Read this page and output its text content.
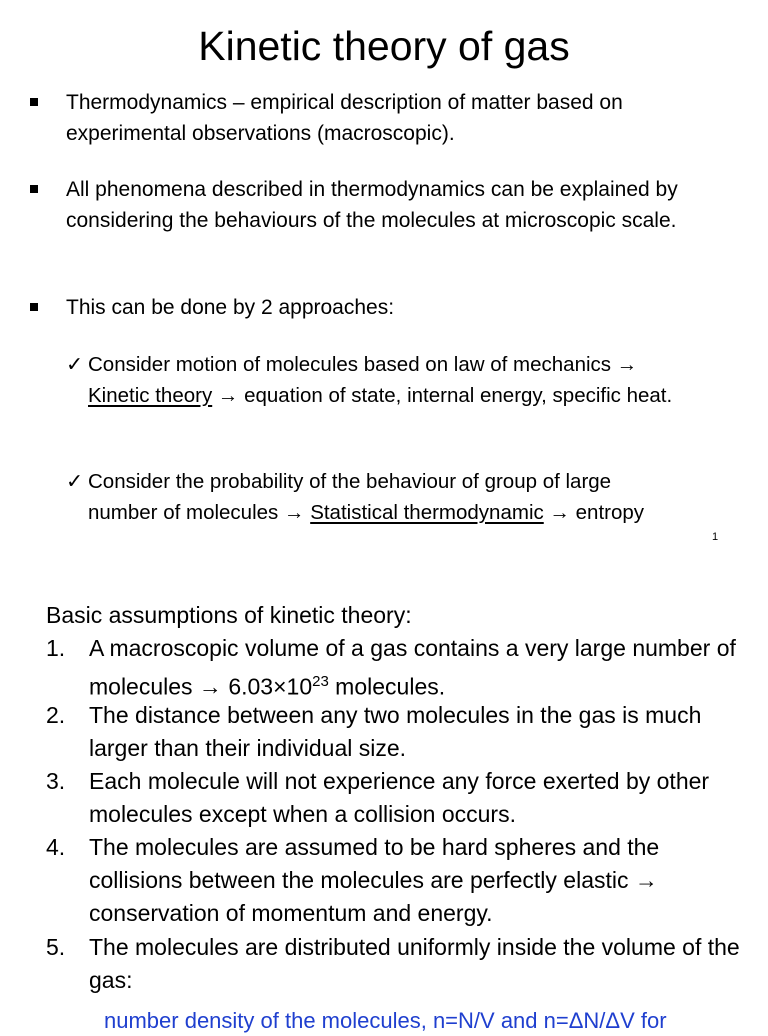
Kinetic theory of gas
Thermodynamics – empirical description of matter based on experimental observations (macroscopic).
All phenomena described in thermodynamics can be explained by considering the behaviours of the molecules at microscopic scale.
This can be done by 2 approaches:
✓ Consider motion of molecules based on law of mechanics →
Kinetic theory → equation of state, internal energy, specific heat.
✓ Consider the probability of the behaviour of group of large
number of molecules → Statistical thermodynamic → entropy
1
Basic assumptions of kinetic theory:
1.	A macroscopic volume of a gas contains a very large number of molecules → $6.03\times 10^{23}$ molecules.
2.	The distance between any two molecules in the gas is much larger than their individual size.
3.	Each molecule will not experience any force exerted by other molecules except when a collision occurs.
4.	The molecules are assumed to be hard spheres and the collisions between the molecules are perfectly elastic → conservation of momentum and energy.
5.	The molecules are distributed uniformly inside the volume of the gas:
number density of the molecules, n=N/V and n=ΔN/ΔV for
